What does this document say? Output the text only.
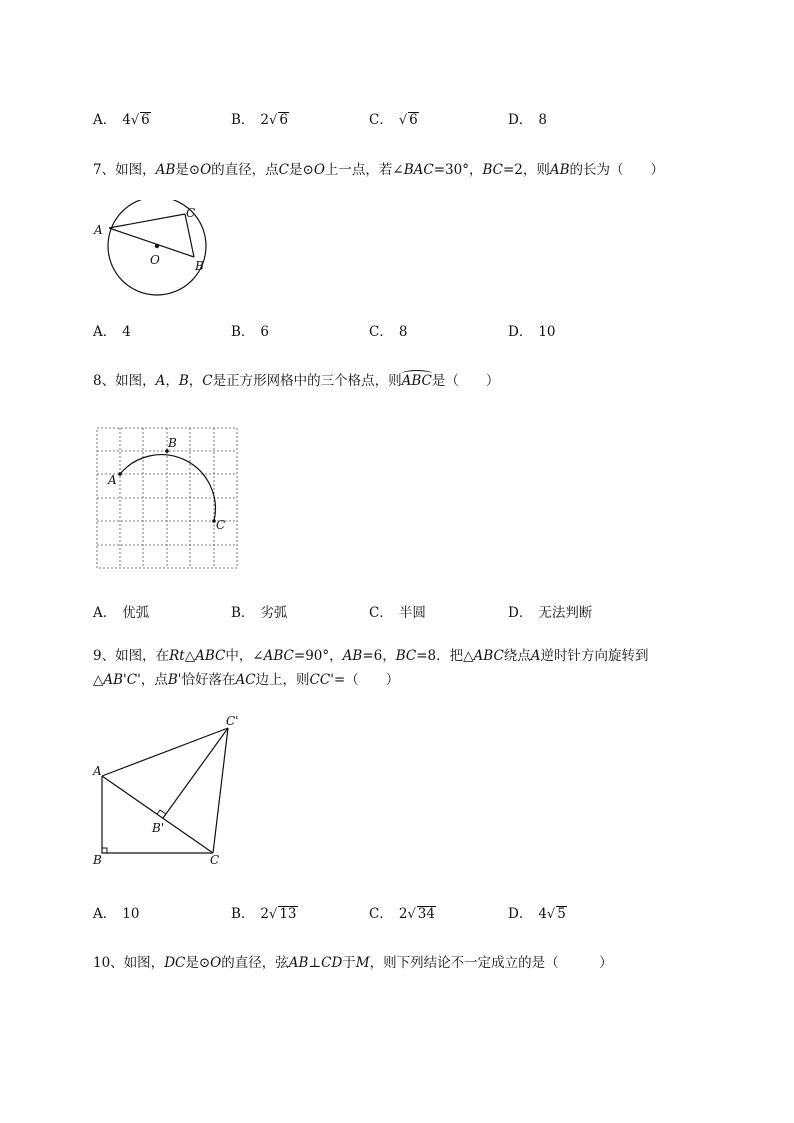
A． 4√ 6	B． 2√ 6	C． √ 6	D． 8
7、如图，AB是⊙O的直径，点C是⊙O上一点，若∠BAC=30°，BC=2，则AB的长为（　　）
A
C
O	B
A． 4	B． 6	C． 8	D． 10
8、如图，A，B，C是正方形网格中的三个格点，则
ABC是（　　）
A
B
C
A． 优弧	B． 劣弧	C． 半圆	D． 无法判断
9、如图，在Rt△ABC中，∠ABC=90°，AB=6，BC=8．把△ABC绕点A逆时针方向旋转到
△AB'C'，点B'恰好落在AC边上，则CC'=（　　）
C'
A
B'
B	C
A． 10	B． 2√ 13	C． 2√ 34	D． 4√ 5
10、如图，DC是⊙O的直径，弦AB⊥CD于M，则下列结论不一定成立的是（　　　）
